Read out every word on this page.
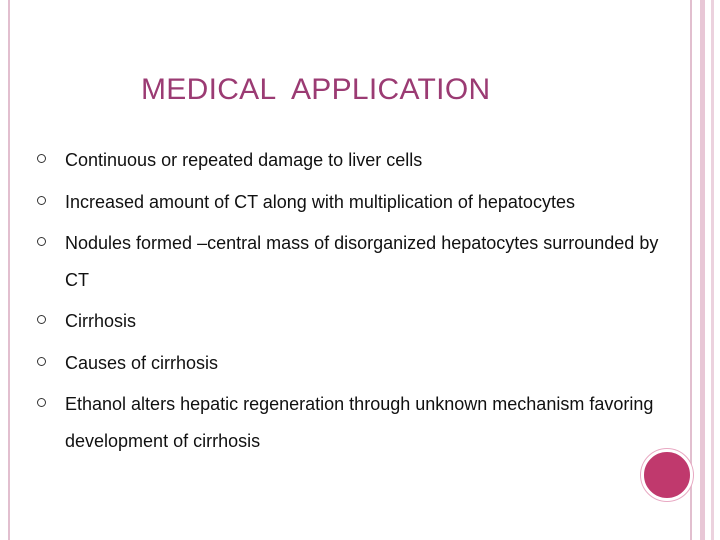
MEDICAL  APPLICATION
Continuous or repeated damage to liver cells
Increased amount of CT along with multiplication of hepatocytes
Nodules formed –central mass of disorganized hepatocytes surrounded by CT
Cirrhosis
Causes of cirrhosis
Ethanol alters hepatic regeneration through unknown mechanism favoring development of cirrhosis
